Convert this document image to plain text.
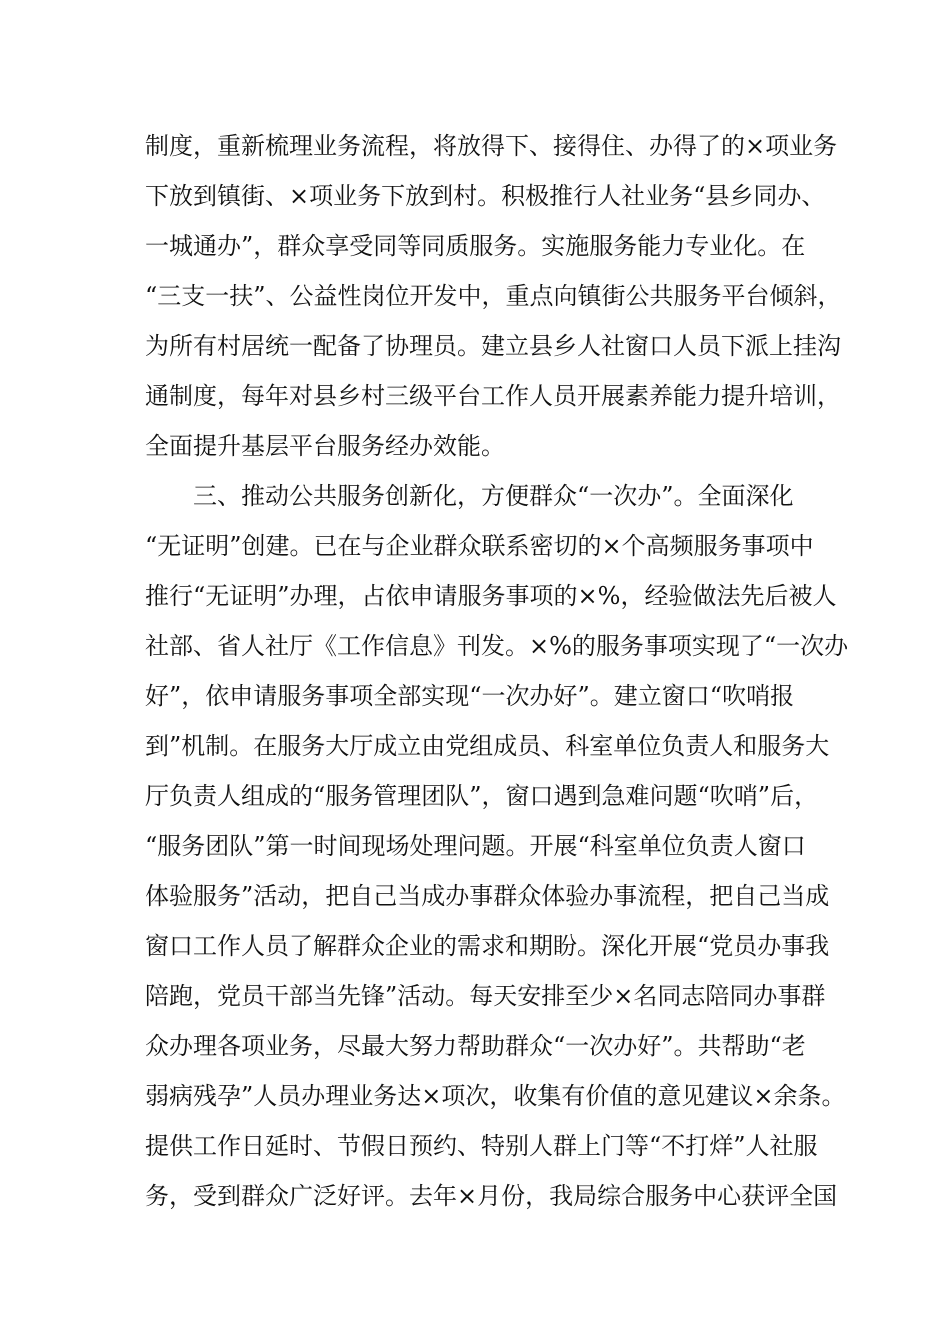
制度，重新梳理业务流程，将放得下、接得住、办得了的×项业务
下放到镇街、×项业务下放到村。积极推行人社业务“县乡同办、
一城通办”，群众享受同等同质服务。实施服务能力专业化。在
“三支一扶”、公益性岗位开发中，重点向镇街公共服务平台倾斜，
为所有村居统一配备了协理员。建立县乡人社窗口人员下派上挂沟
通制度，每年对县乡村三级平台工作人员开展素养能力提升培训，
全面提升基层平台服务经办效能。
三、推动公共服务创新化，方便群众“一次办”。全面深化
“无证明”创建。已在与企业群众联系密切的×个高频服务事项中
推行“无证明”办理，占依申请服务事项的×%，经验做法先后被人
社部、省人社厅《工作信息》刊发。×%的服务事项实现了“一次办
好”，依申请服务事项全部实现“一次办好”。建立窗口“吹哨报
到”机制。在服务大厅成立由党组成员、科室单位负责人和服务大
厅负责人组成的“服务管理团队”，窗口遇到急难问题“吹哨”后，
“服务团队”第一时间现场处理问题。开展“科室单位负责人窗口
体验服务”活动，把自己当成办事群众体验办事流程，把自己当成
窗口工作人员了解群众企业的需求和期盼。深化开展“党员办事我
陪跑，党员干部当先锋”活动。每天安排至少×名同志陪同办事群
众办理各项业务，尽最大努力帮助群众“一次办好”。共帮助“老
弱病残孕”人员办理业务达×项次，收集有价值的意见建议×余条。
提供工作日延时、节假日预约、特别人群上门等“不打烊”人社服
务，受到群众广泛好评。去年×月份，我局综合服务中心获评全国
